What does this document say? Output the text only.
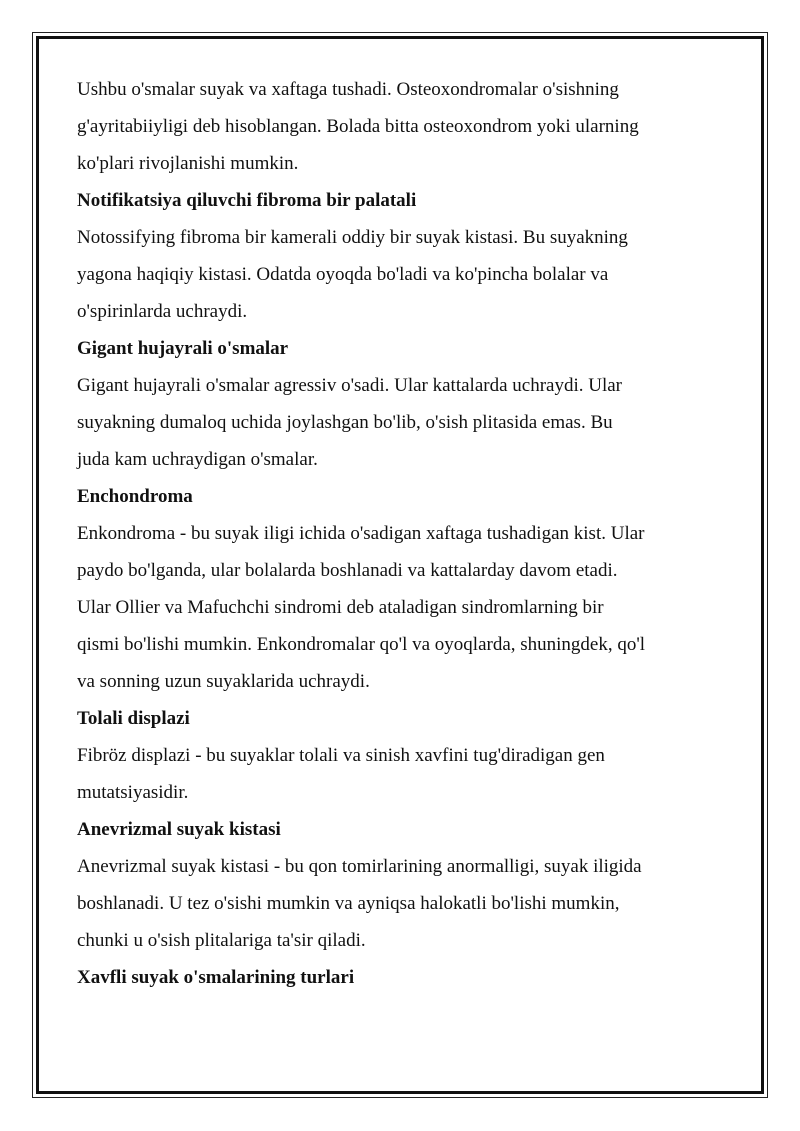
Ushbu o'smalar suyak va xaftaga tushadi. Osteoxondromalar o'sishning

g'ayritabiiyligi deb hisoblangan. Bolada bitta osteoxondrom yoki ularning

ko'plari rivojlanishi mumkin.

Notifikatsiya qiluvchi fibroma bir palatali

Notossifying fibroma bir kamerali oddiy bir suyak kistasi. Bu suyakning

yagona haqiqiy kistasi. Odatda oyoqda bo'ladi va ko'pincha bolalar va

o'spirinlarda uchraydi.

Gigant hujayrali o'smalar

Gigant hujayrali o'smalar agressiv o'sadi. Ular kattalarda uchraydi. Ular

suyakning dumaloq uchida joylashgan bo'lib, o'sish plitasida emas. Bu

juda kam uchraydigan o'smalar.

Enchondroma

Enkondroma - bu suyak iligi ichida o'sadigan xaftaga tushadigan kist. Ular

paydo bo'lganda, ular bolalarda boshlanadi va kattalarday davom etadi.

Ular Ollier va Mafuchchi sindromi deb ataladigan sindromlarning bir

qismi bo'lishi mumkin. Enkondromalar qo'l va oyoqlarda, shuningdek, qo'l

va sonning uzun suyaklarida uchraydi.

Tolali displazi

Fibröz displazi - bu suyaklar tolali va sinish xavfini tug'diradigan gen

mutatsiyasidir.

Anevrizmal suyak kistasi

Anevrizmal suyak kistasi - bu qon tomirlarining anormalligi, suyak iligida

boshlanadi. U tez o'sishi mumkin va ayniqsa halokatli bo'lishi mumkin,

chunki u o'sish plitalariga ta'sir qiladi.

Xavfli suyak o'smalarining turlari
